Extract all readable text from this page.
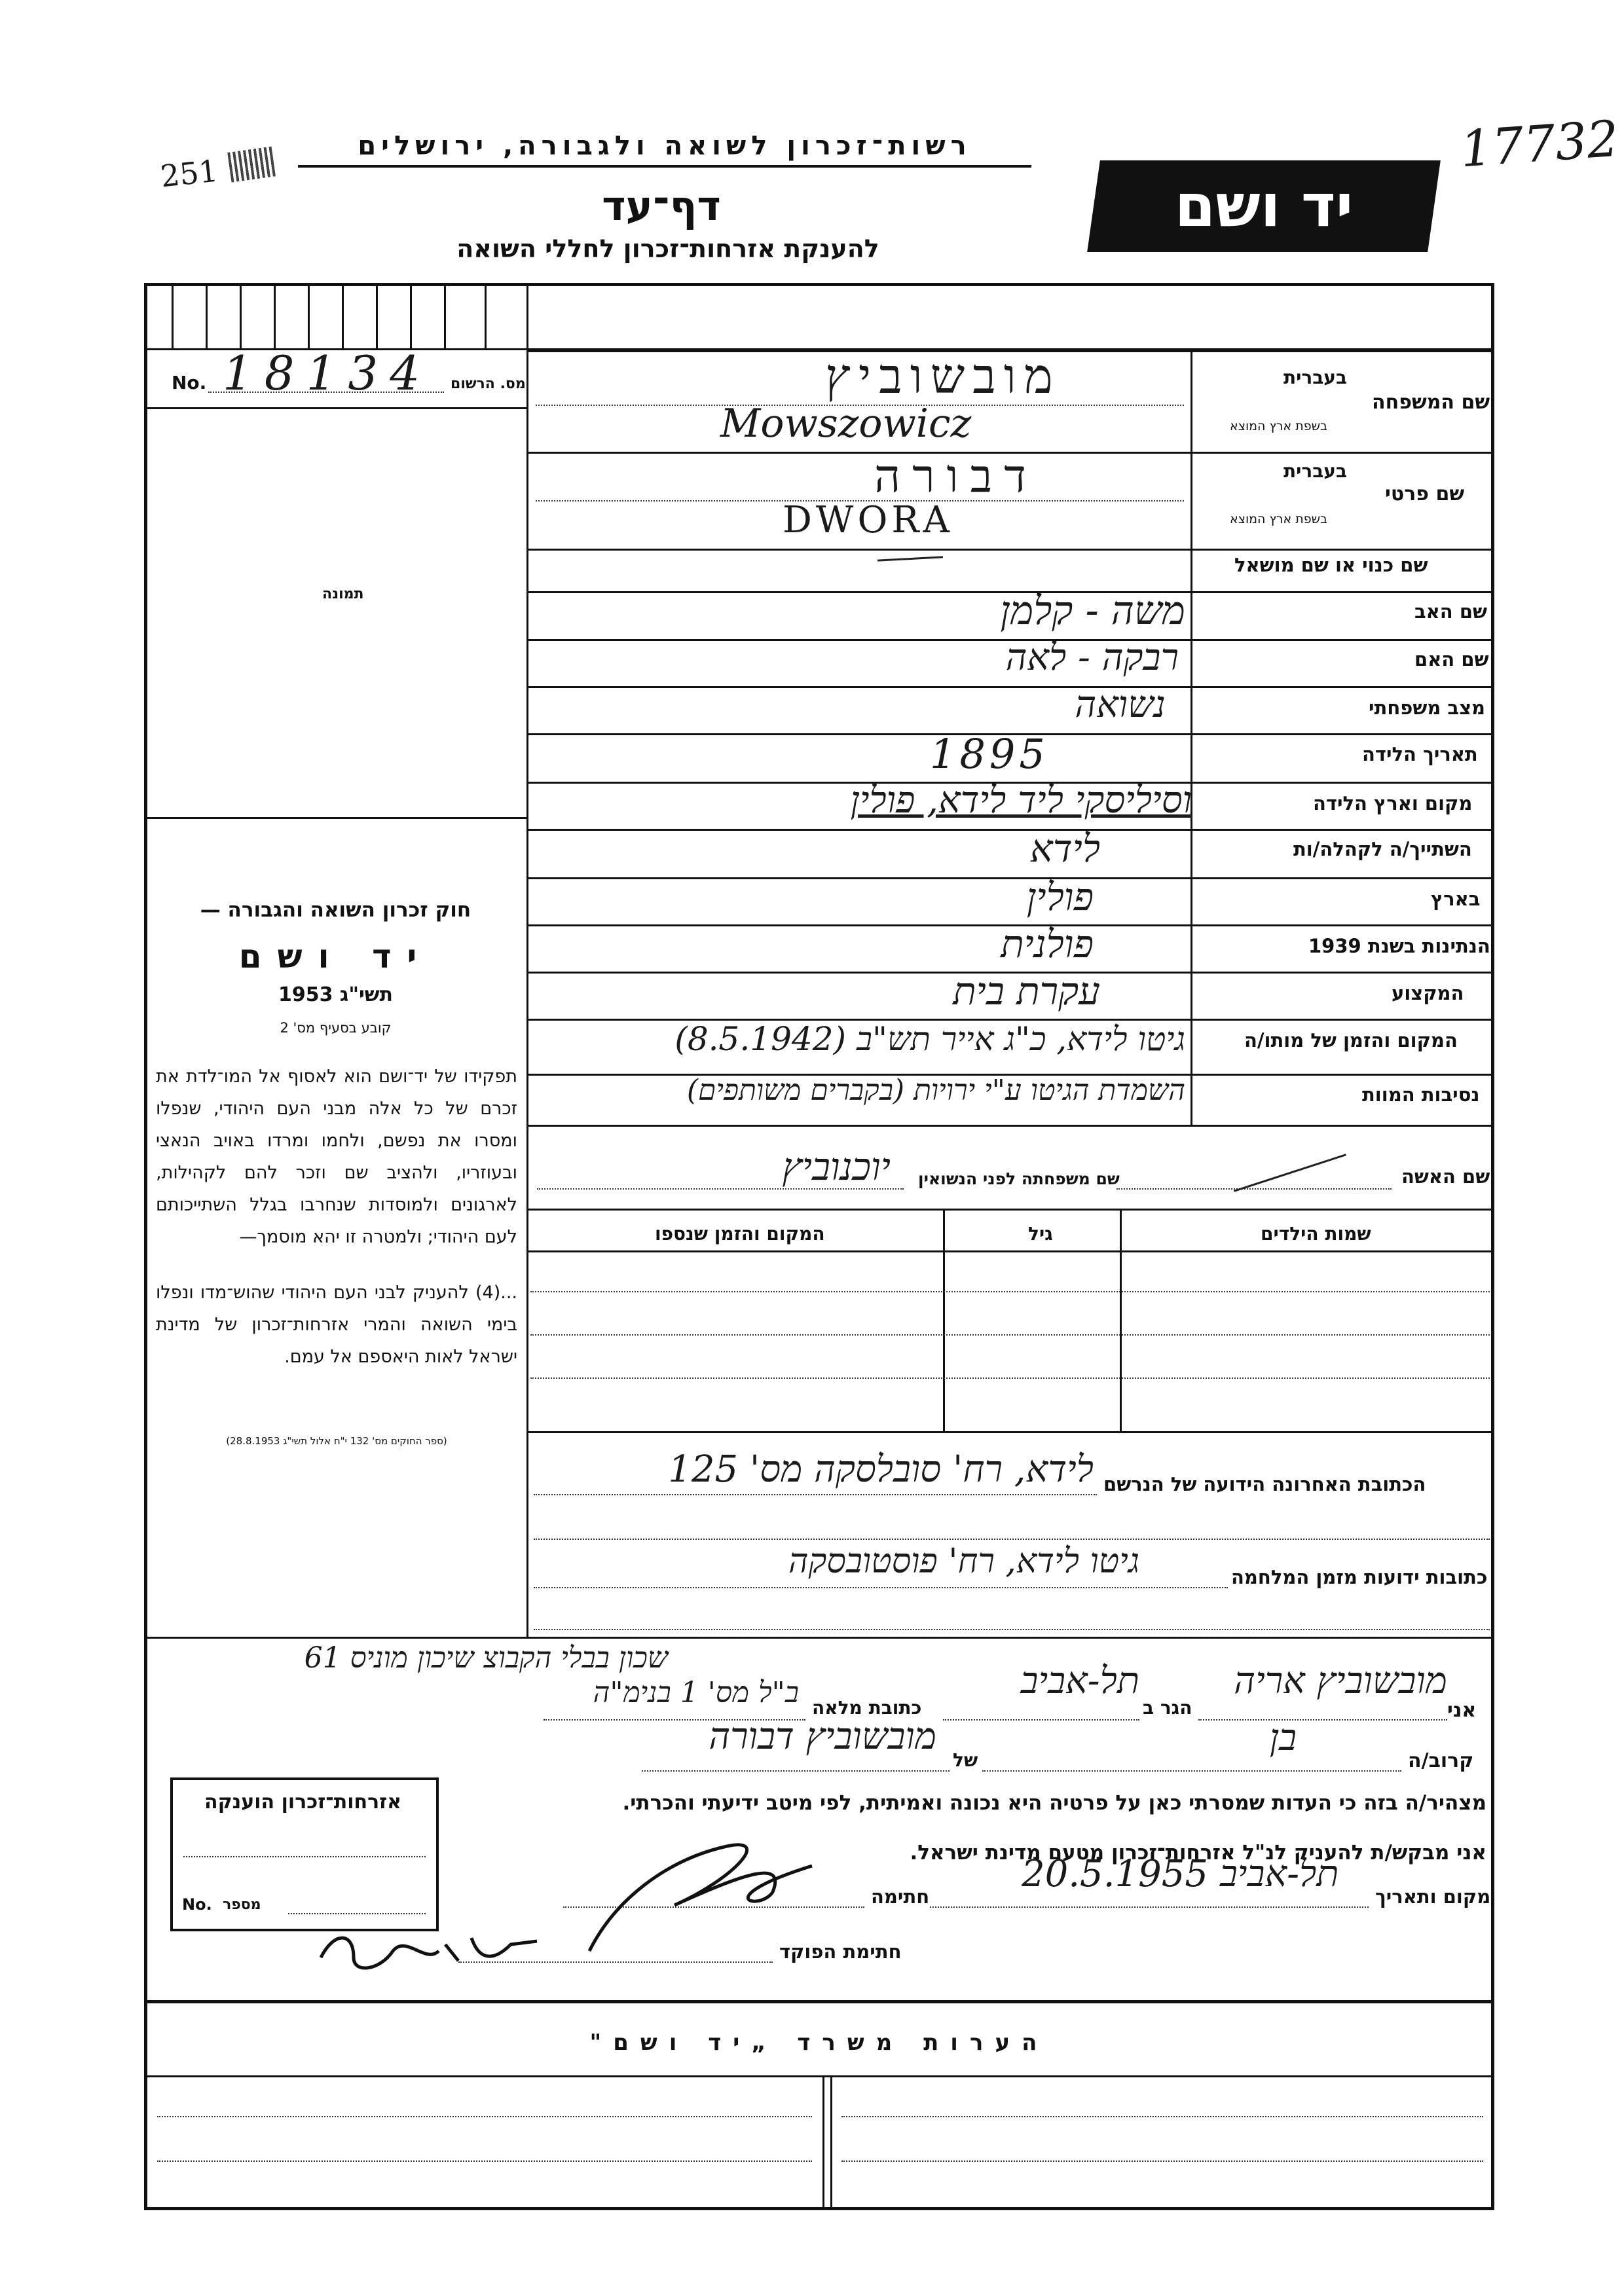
רשות־זכרון לשואה ולגבורה, ירושלים
דף־עד
להענקת אזרחות־זכרון לחללי השואה
יד ושם
251	17732
No. 18134 מס. הרשום
תמונה
חוק זכרון השואה והגבורה —
יד ושם
תשי"ג 1953
קובע בסעיף מס' 2
תפקידו של יד־ושם הוא לאסוף אל המו־לדת את זכרם של כל אלה מבני העם היהודי, שנפלו ומסרו את נפשם, ולחמו ומרדו באויב הנאצי ובעוזריו, ולהציב שם וזכר להם לקהילות, לארגונים ולמוסדות שנחרבו בגלל השתייכותם לעם היהודי; ולמטרה זו יהא מוסמך—
...(4) להעניק לבני העם היהודי שהוש־מדו ונפלו בימי השואה והמרי אזרחות־זכרון של מדינת ישראל לאות היאספם אל עמם.
(ספר החוקים מס' 132 י"ח אלול תשי"ג 28.8.1953)
שם המשפחה
בעברית
בשפת ארץ המוצא
מובשוביץ
Mowszowicz
שם פרטי
בעברית
בשפת ארץ המוצא
דבורה
DWORA
שם כנוי או שם מושאל
שם האב
משה - קלמן
שם האם
רבקה - לאה
מצב משפחתי
נשואה
תאריך הלידה
1895
מקום וארץ הלידה
וסיליסקי ליד לידא, פולין
השתייך/ה לקהלה/ות
לידא
בארץ
פולין
הנתינות בשנת 1939
פולנית
המקצוע
עקרת בית
המקום והזמן של מותו/ה
גיטו לידא, כ"ג אייר תש"ב (8.5.1942)
נסיבות המוות
השמדת הגיטו ע"י ירויות (בקברים משותפים)
שם האשה
שם משפחתה לפני הנשואין
יוכנוביץ
שמות הילדים
גיל
המקום והזמן שנספו
הכתובת האחרונה הידועה של הנרשם
לידא, רח' סובלסקה מס' 125
כתובות ידועות מזמן המלחמה
גיטו לידא, רח' פוסטובסקה
שכון בבלי הקבוצ שיכון מוניס 61
אני
מובשוביץ אריה
הגר ב
תל-אביב
כתובת מלאה
ב"ל מס' 1 בנימ"ה
קרוב/ה
בן
של
מובשוביץ דבורה
מצהיר/ה בזה כי העדות שמסרתי כאן על פרטיה היא נכונה ואמיתית, לפי מיטב ידיעתי והכרתי.
אני מבקש/ת להעניק לנ"ל אזרחות־זכרון מטעם מדינת ישראל.
מקום ותאריך
תל-אביב 20.5.1955
חתימה
חתימת הפוקד
אזרחות־זכרון הוענקה
No. מספר
הערות משרד „יד ושם"
